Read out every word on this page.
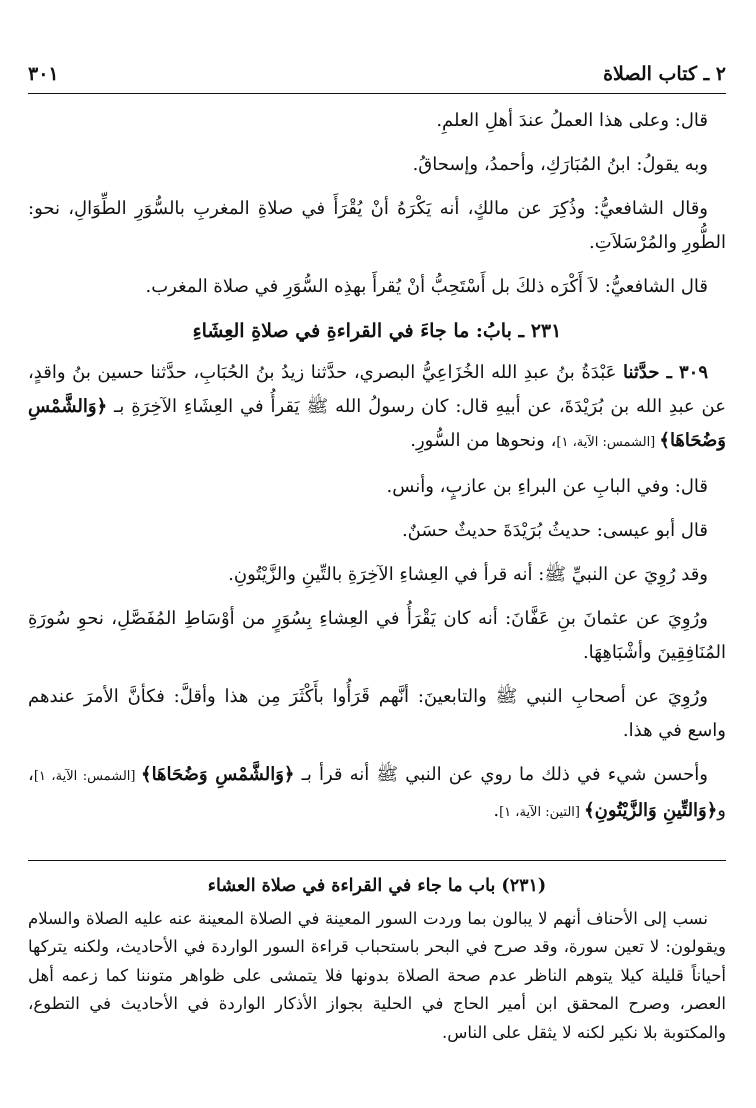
٢ ـ كتاب الصلاة
٣٠١

قال: وعلى هذا العملُ عندَ أهلِ العلمِ.

وبه يقولُ: ابنُ المُبَارَكِ، وأحمدُ، وإسحاقُ.

وقال الشافعيُّ: وذُكِرَ عن مالكٍ، أنه يَكْرَهُ أنْ يُقْرَأَ في صلاةِ المغربِ بالسُّوَرِ الطِّوَالِ، نحو: الطُّورِ والمُرْسَلاَتِ.

قال الشافعيُّ: لاَ أَكْرَه ذلكَ بل أَسْتَحِبُّ أنْ يُقرأَ بهذِه السُّوَرِ في صلاة المغرب.

٢٣١ ـ بابُ: ما جاءَ في القراءةِ في صلاةِ العِشَاءِ

٣٠٩ ـ حدَّثنا عَبْدَةُ بنُ عبدِ الله الخُزَاعِيُّ البصري، حدَّثنا زيدُ بنُ الحُبَابِ، حدَّثنا حسين بنُ واقدٍ، عن عبدِ الله بن بُرَيْدَةَ، عن أبيهِ قال: كان رسولُ الله ﷺ يَقرأُ في العِشَاءِ الآخِرَةِ بـ ﴿وَالشَّمْسِ وَضُحَاهَا﴾ [الشمس: الآية، ١]، ونحوها من السُّورِ.

قال: وفي البابِ عن البراءِ بن عازبٍ، وأنس.

قال أبو عيسى: حديثُ بُرَيْدَةَ حديثٌ حسَنٌ.

وقد رُوِيَ عن النبيِّ ﷺ: أنه قرأ في العِشاءِ الآخِرَةِ بالتِّينِ والزَّيْتُونِ.

ورُوِيَ عن عثمانَ بنِ عَفَّانَ: أنه كان يَقْرَأُ في العِشاءِ بِسُوَرٍ من أوْسَاطِ المُفَصَّلِ، نحوِ سُورَةِ المُنَافِقِينَ وأشْبَاهِهَا.

ورُوِيَ عن أصحابِ النبي ﷺ والتابعينَ: أنَّهم قَرَأُوا بأَكْثَرَ مِن هذا وأقلَّ: فكأنَّ الأمرَ عندهم واسع في هذا.

وأحسن شيء في ذلك ما روي عن النبي ﷺ أنه قرأ بـ ﴿وَالشَّمْسِ وَضُحَاهَا﴾ [الشمس: الآية، ١]، و﴿وَالتِّينِ وَالزَّيْتُونِ﴾ [التين: الآية، ١].

(٢٣١) باب ما جاء في القراءة في صلاة العشاء

نسب إلى الأحناف أنهم لا يبالون بما وردت السور المعينة في الصلاة المعينة عنه عليه الصلاة والسلام ويقولون: لا تعين سورة، وقد صرح في البحر باستحباب قراءة السور الواردة في الأحاديث، ولكنه يتركها أحياناً قليلة كيلا يتوهم الناظر عدم صحة الصلاة بدونها فلا يتمشى على ظواهر متوننا كما زعمه أهل العصر، وصرح المحقق ابن أمير الحاج في الحلية بجواز الأذكار الواردة في الأحاديث في التطوع، والمكتوبة بلا نكير لكنه لا يثقل على الناس.
